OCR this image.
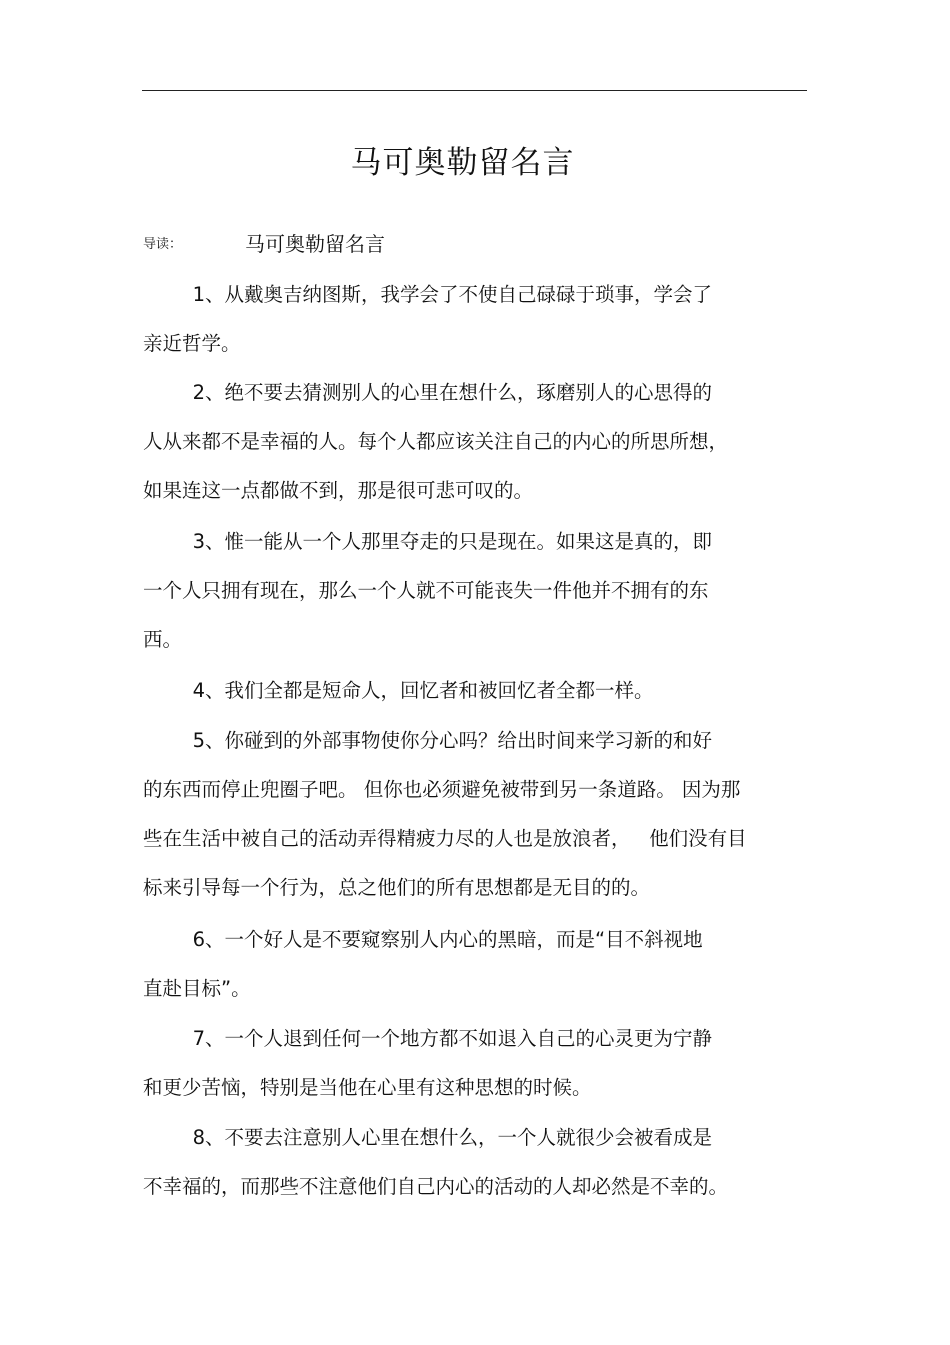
马可奥勒留名言
导读：	马可奥勒留名言

1、从戴奥吉纳图斯，我学会了不使自己碌碌于琐事，学会了
亲近哲学。

2、绝不要去猜测别人的心里在想什么，琢磨别人的心思得的
人从来都不是幸福的人。每个人都应该关注自己的内心的所思所想，
如果连这一点都做不到，那是很可悲可叹的。

3、惟一能从一个人那里夺走的只是现在。如果这是真的，即
一个人只拥有现在，那么一个人就不可能丧失一件他并不拥有的东
西。

4、我们全都是短命人，回忆者和被回忆者全都一样。

5、你碰到的外部事物使你分心吗？给出时间来学习新的和好
的东西而停止兜圈子吧。 但你也必须避免被带到另一条道路。 因为那
些在生活中被自己的活动弄得精疲力尽的人也是放浪者，   他们没有目
标来引导每一个行为，总之他们的所有思想都是无目的的。

6、一个好人是不要窥察别人内心的黑暗，而是“目不斜视地
直赴目标”。

7、一个人退到任何一个地方都不如退入自己的心灵更为宁静
和更少苦恼，特别是当他在心里有这种思想的时候。

8、不要去注意别人心里在想什么，一个人就很少会被看成是
不幸福的，而那些不注意他们自己内心的活动的人却必然是不幸的。
